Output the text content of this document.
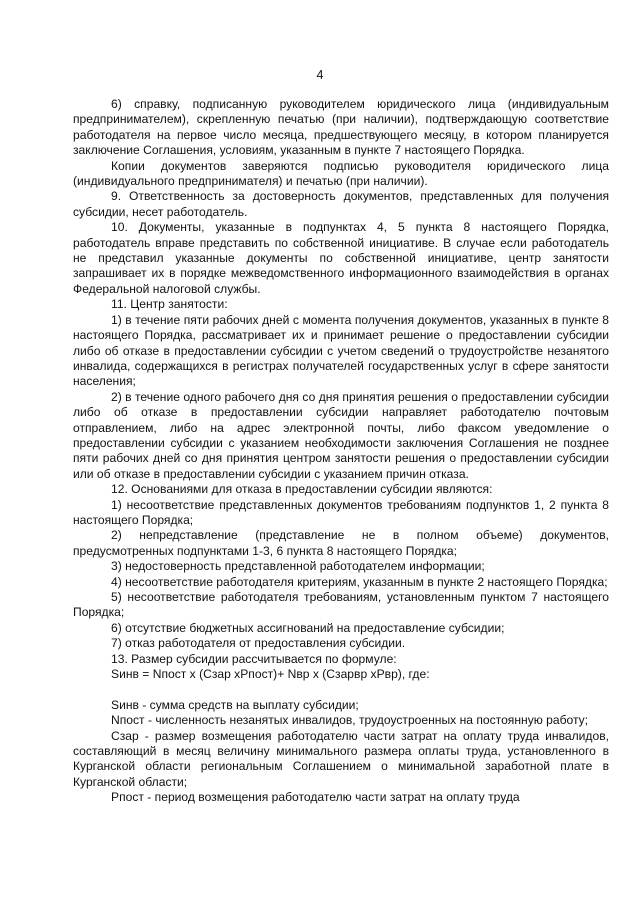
4

6) справку, подписанную руководителем юридического лица (индивидуальным предпринимателем), скрепленную печатью (при наличии), подтверждающую соответствие работодателя на первое число месяца, предшествующего месяцу, в котором планируется заключение Соглашения, условиям, указанным в пункте 7 настоящего Порядка.

Копии документов заверяются подписью руководителя юридического лица (индивидуального предпринимателя) и печатью (при наличии).

9. Ответственность за достоверность документов, представленных для получения субсидии, несет работодатель.

10. Документы, указанные в подпунктах 4, 5 пункта 8 настоящего Порядка, работодатель вправе представить по собственной инициативе. В случае если работодатель не представил указанные документы по собственной инициативе, центр занятости запрашивает их в порядке межведомственного информационного взаимодействия в органах Федеральной налоговой службы.

11. Центр занятости:

1) в течение пяти рабочих дней с момента получения документов, указанных в пункте 8 настоящего Порядка, рассматривает их и принимает решение о предоставлении субсидии либо об отказе в предоставлении субсидии с учетом сведений о трудоустройстве незанятого инвалида, содержащихся в регистрах получателей государственных услуг в сфере занятости населения;

2) в течение одного рабочего дня со дня принятия решения о предоставлении субсидии либо об отказе в предоставлении субсидии направляет работодателю почтовым отправлением, либо на адрес электронной почты, либо факсом уведомление о предоставлении субсидии с указанием необходимости заключения Соглашения не позднее пяти рабочих дней со дня принятия центром занятости решения о предоставлении субсидии или об отказе в предоставлении субсидии с указанием причин отказа.

12. Основаниями для отказа в предоставлении субсидии являются:

1) несоответствие представленных документов требованиям подпунктов 1, 2 пункта 8 настоящего Порядка;

2) непредставление (представление не в полном объеме) документов, предусмотренных подпунктами 1-3, 6 пункта 8 настоящего Порядка;

3) недостоверность представленной работодателем информации;

4) несоответствие работодателя критериям, указанным в пункте 2 настоящего Порядка;

5) несоответствие работодателя требованиям, установленным пунктом 7 настоящего Порядка;

6) отсутствие бюджетных ассигнований на предоставление субсидии;

7) отказ работодателя от предоставления субсидии.

13. Размер субсидии рассчитывается по формуле:

Sинв = Nпост х (Сзар хРпост)+ Nвр х (Сзарвр хРвр), где:

Sинв - сумма средств на выплату субсидии;

Nпост - численность незанятых инвалидов, трудоустроенных на постоянную работу;

Сзар - размер возмещения работодателю части затрат на оплату труда инвалидов, составляющий в месяц величину минимального размера оплаты труда, установленного в Курганской области региональным Соглашением о минимальной заработной плате в Курганской области;

Рпост - период возмещения работодателю части затрат на оплату труда
